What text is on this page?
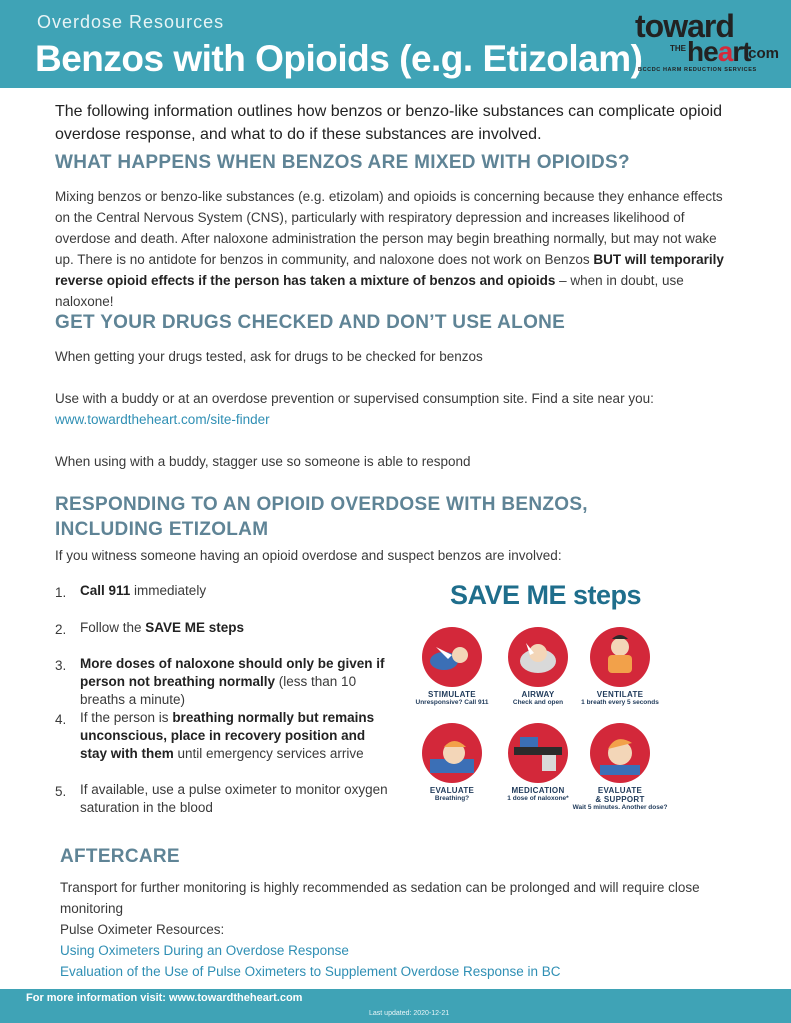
Overdose Resources
Benzos with Opioids (e.g. Etizolam)
toward
THE heart
.com
BCCDC HARM REDUCTION SERVICES
The following information outlines how benzos or benzo-like substances can complicate opioid overdose response, and what to do if these substances are involved.
WHAT HAPPENS WHEN BENZOS ARE MIXED WITH OPIOIDS?
Mixing benzos or benzo-like substances (e.g. etizolam) and opioids is concerning because they enhance effects on the Central Nervous System (CNS), particularly with respiratory depression and increases likelihood of overdose and death. After naloxone administration the person may begin breathing normally, but may not wake up. There is no antidote for benzos in community, and naloxone does not work on Benzos BUT will temporarily reverse opioid effects if the person has taken a mixture of benzos and opioids – when in doubt, use naloxone!
GET YOUR DRUGS CHECKED AND DON’T USE ALONE
When getting your drugs tested, ask for drugs to be checked for benzos
Use with a buddy or at an overdose prevention or supervised consumption site. Find a site near you:
www.towardtheheart.com/site-finder
When using with a buddy, stagger use so someone is able to respond
RESPONDING TO AN OPIOID OVERDOSE WITH BENZOS,
INCLUDING ETIZOLAM
If you witness someone having an opioid overdose and suspect benzos are involved:
1. Call 911 immediately
2. Follow the SAVE ME steps
3. More doses of naloxone should only be given if person not breathing normally (less than 10 breaths a minute)
4. If the person is breathing normally but remains unconscious, place in recovery position and stay with them until emergency services arrive
5. If available, use a pulse oximeter to monitor oxygen saturation in the blood
SAVE ME steps
STIMULATE
Unresponsive? Call 911
AIRWAY
Check and open
VENTILATE
1 breath every 5 seconds
EVALUATE
Breathing?
MEDICATION
1 dose of naloxone*
EVALUATE
& SUPPORT
Wait 5 minutes. Another dose?
AFTERCARE
Transport for further monitoring is highly recommended as sedation can be prolonged and will require close monitoring
Pulse Oximeter Resources:
Using Oximeters During an Overdose Response
Evaluation of the Use of Pulse Oximeters to Supplement Overdose Response in BC
For more information visit: www.towardtheheart.com
Last updated: 2020-12-21
